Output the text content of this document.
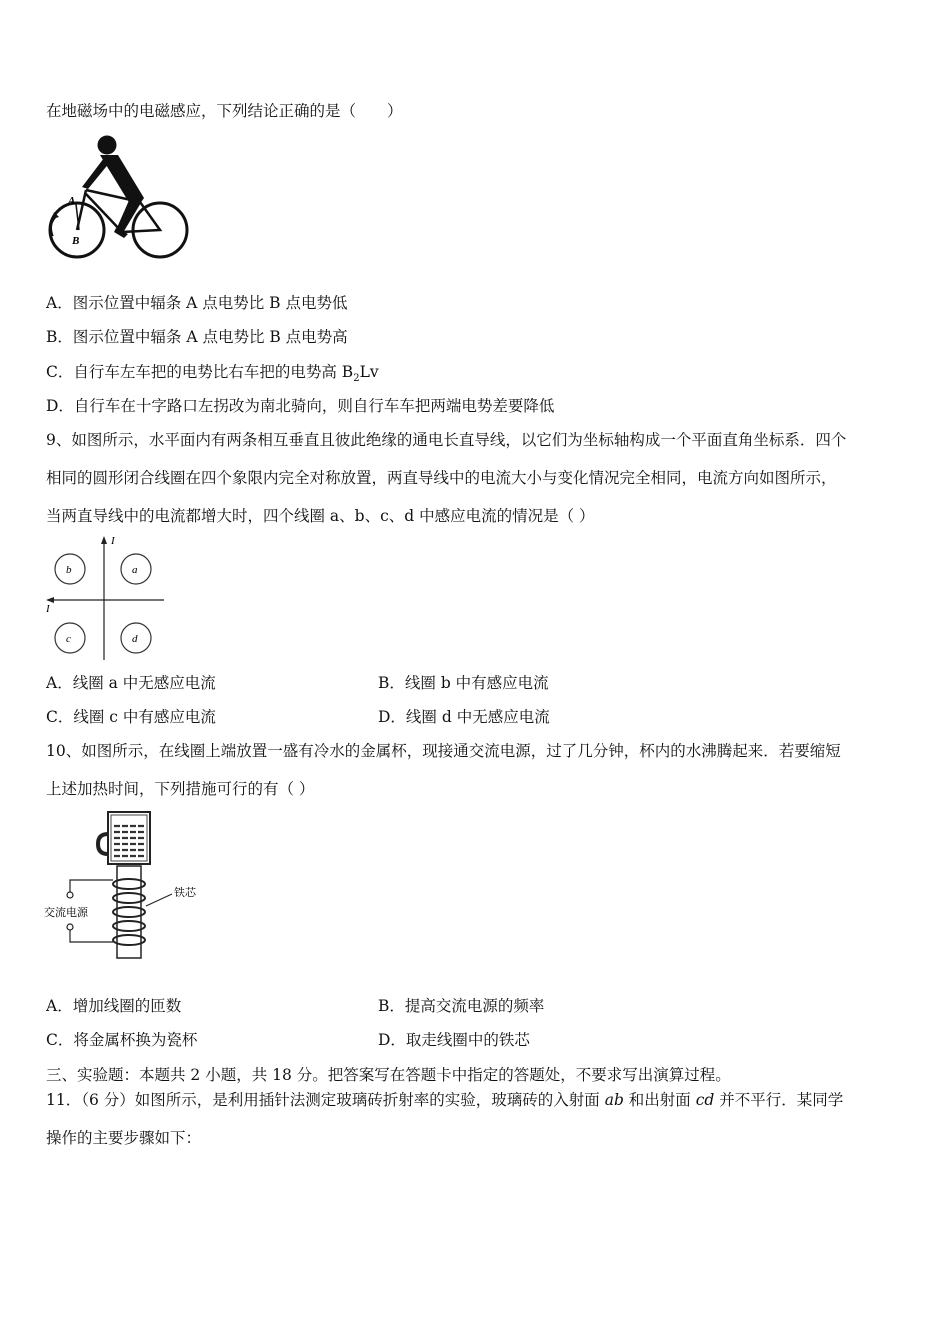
在地磁场中的电磁感应，下列结论正确的是（　　）
A
B
A．图示位置中辐条 A 点电势比 B 点电势低
B．图示位置中辐条 A 点电势比 B 点电势高
C．自行车左车把的电势比右车把的电势高 $B_2Lv$
D．自行车在十字路口左拐改为南北骑向，则自行车车把两端电势差要降低
9、如图所示，水平面内有两条相互垂直且彼此绝缘的通电长直导线，以它们为坐标轴构成一个平面直角坐标系．四个
相同的圆形闭合线圈在四个象限内完全对称放置，两直导线中的电流大小与变化情况完全相同，电流方向如图所示，
当两直导线中的电流都增大时，四个线圈 a、b、c、d 中感应电流的情况是（ ）
I
I
b	a
c	d
A．线圈 a 中无感应电流	B．线圈 b 中有感应电流
C．线圈 c 中有感应电流	D．线圈 d 中无感应电流
10、如图所示，在线圈上端放置一盛有冷水的金属杯，现接通交流电源，过了几分钟，杯内的水沸腾起来．若要缩短
上述加热时间，下列措施可行的有（ ）
交流电源
铁芯
A．增加线圈的匝数	B．提高交流电源的频率
C．将金属杯换为瓷杯	D．取走线圈中的铁芯
三、实验题：本题共 2 小题，共 18 分。把答案写在答题卡中指定的答题处，不要求写出演算过程。
11．（6 分）如图所示，是利用插针法测定玻璃砖折射率的实验，玻璃砖的入射面 ab 和出射面 cd 并不平行．某同学
操作的主要步骤如下：
